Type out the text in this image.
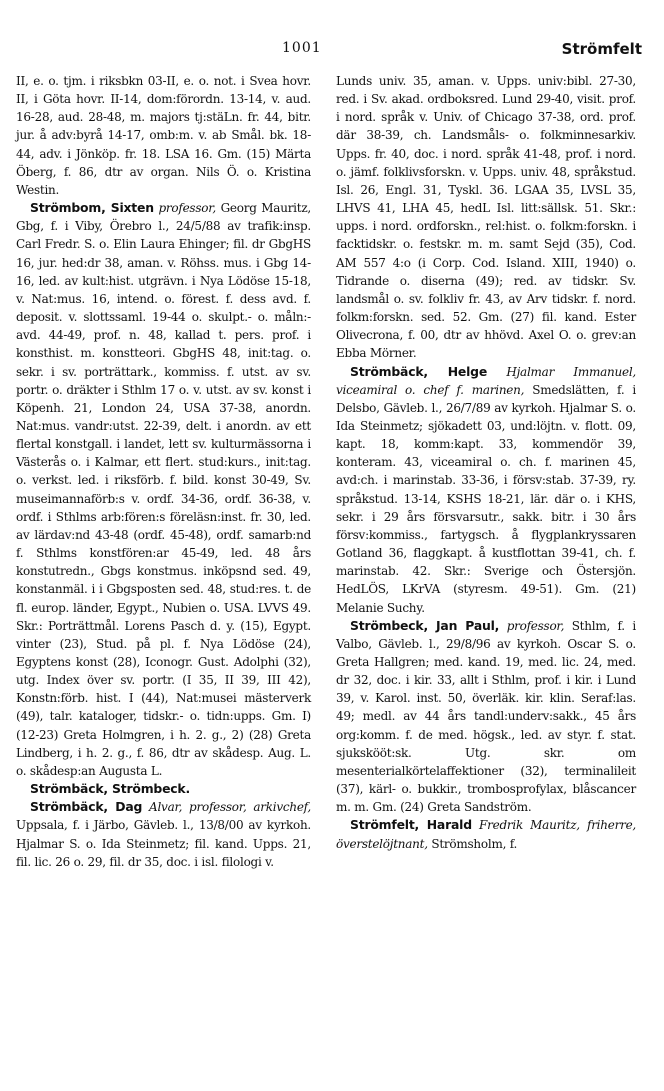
1001	Strömfelt

II, e. o. tjm. i riksbkn 03-II, e. o. not. i Svea hovr. II, i Göta hovr. II-14, dom:förordn. 13-14, v. aud. 16-28, aud. 28-48, m. majors tj:stäLn. fr. 44, bitr. jur. å adv:byrå 14-17, omb:m. v. ab Smål. bk. 18-44, adv. i Jönköp. fr. 18. LSA 16. Gm. (15) Märta Öberg, f. 86, dtr av organ. Nils Ö. o. Kristina Westin.

Strömbom, Sixten professor, Georg Mauritz, Gbg, f. i Viby, Örebro l., 24/5/88 av trafik:insp. Carl Fredr. S. o. Elin Laura Ehinger; fil. dr GbgHS 16, jur. hed:dr 38, aman. v. Röhss. mus. i Gbg 14-16, led. av kult:hist. utgrävn. i Nya Lödöse 15-18, v. Nat:mus. 16, intend. o. förest. f. dess avd. f. deposit. v. slottssaml. 19-44 o. skulpt.- o. måln:-avd. 44-49, prof. n. 48, kallad t. pers. prof. i konsthist. m. konstteori. GbgHS 48, init:tag. o. sekr. i sv. porträttark., kommiss. f. utst. av sv. portr. o. dräkter i Sthlm 17 o. v. utst. av sv. konst i Köpenh. 21, London 24, USA 37-38, anordn. Nat:mus. vandr:utst. 22-39, delt. i anordn. av ett flertal konstgall. i landet, lett sv. kulturmässorna i Västerås o. i Kalmar, ett flert. stud:kurs., init:tag. o. verkst. led. i riksförb. f. bild. konst 30-49, Sv. museimannaförb:s v. ordf. 34-36, ordf. 36-38, v. ordf. i Sthlms arb:fören:s föreläsn:inst. fr. 30, led. av lärdav:nd 43-48 (ordf. 45-48), ordf. samarb:nd f. Sthlms konstfören:ar 45-49, led. 48 års konstutredn., Gbgs konstmus. inköpsnd sed. 49, konstanmäl. i i Gbgsposten sed. 48, stud:res. t. de fl. europ. länder, Egypt., Nubien o. USA. LVVS 49. Skr.: Porträttmål. Lorens Pasch d. y. (15), Egypt. vinter (23), Stud. på pl. f. Nya Lödöse (24), Egyptens konst (28), Iconogr. Gust. Adolphi (32), utg. Index över sv. portr. (I 35, II 39, III 42), Konstn:förb. hist. I (44), Nat:musei mästerverk (49), talr. kataloger, tidskr.- o. tidn:upps. Gm. I) (12-23) Greta Holmgren, i h. 2. g., 2) (28) Greta Lindberg, i h. 2. g., f. 86, dtr av skådesp. Aug. L. o. skådesp:an Augusta L.

Strömbäck, Strömbeck.

Strömbäck, Dag Alvar, professor, arkivchef, Uppsala, f. i Järbo, Gävleb. l., 13/8/00 av kyrkoh. Hjalmar S. o. Ida Steinmetz; fil. kand. Upps. 21, fil. lic. 26 o. 29, fil. dr 35, doc. i isl. filologi v.

Lunds univ. 35, aman. v. Upps. univ:bibl. 27-30, red. i Sv. akad. ordboksred. Lund 29-40, visit. prof. i nord. språk v. Univ. of Chicago 37-38, ord. prof. där 38-39, ch. Landsmåls- o. folkminnesarkiv. Upps. fr. 40, doc. i nord. språk 41-48, prof. i nord. o. jämf. folklivsforskn. v. Upps. univ. 48, språkstud. Isl. 26, Engl. 31, Tyskl. 36. LGAA 35, LVSL 35, LHVS 41, LHA 45, hedL Isl. litt:sällsk. 51. Skr.: upps. i nord. ordforskn., rel:hist. o. folkm:forskn. i facktidskr. o. festskr. m. m. samt Sejd (35), Cod. AM 557 4:o (i Corp. Cod. Island. XIII, 1940) o. Tidrande o. diserna (49); red. av tidskr. Sv. landsmål o. sv. folkliv fr. 43, av Arv tidskr. f. nord. folkm:forskn. sed. 52. Gm. (27) fil. kand. Ester Olivecrona, f. 00, dtr av hhövd. Axel O. o. grev:an Ebba Mörner.

Strömbäck, Helge Hjalmar Immanuel, viceamiral o. chef f. marinen, Smedslätten, f. i Delsbo, Gävleb. l., 26/7/89 av kyrkoh. Hjalmar S. o. Ida Steinmetz; sjökadett 03, und:löjtn. v. flott. 09, kapt. 18, komm:kapt. 33, kommendör 39, konteram. 43, viceamiral o. ch. f. marinen 45, avd:ch. i marinstab. 33-36, i försv:stab. 37-39, ry. språkstud. 13-14, KSHS 18-21, lär. där o. i KHS, sekr. i 29 års försvarsutr., sakk. bitr. i 30 års försv:kommiss., fartygsch. å flygplankryssaren Gotland 36, flaggkapt. å kustflottan 39-41, ch. f. marinstab. 42. Skr.: Sverige och Östersjön. HedLÖS, LKrVA (styresm. 49-51). Gm. (21) Melanie Suchy.

Strömbeck, Jan Paul, professor, Sthlm, f. i Valbo, Gävleb. l., 29/8/96 av kyrkoh. Oscar S. o. Greta Hallgren; med. kand. 19, med. lic. 24, med. dr 32, doc. i kir. 33, allt i Sthlm, prof. i kir. i Lund 39, v. Karol. inst. 50, överläk. kir. klin. Seraf:las. 49; medl. av 44 års tandl:underv:sakk., 45 års org:komm. f. de med. högsk., led. av styr. f. stat. sjukskööt:sk. Utg. skr. om mesenterialkörtelaffektioner (32), terminalileit (37), kärl- o. bukkir., trombosprofylax, blåscancer m. m. Gm. (24) Greta Sandström.

Strömfelt, Harald Fredrik Mauritz, friherre, överstelöjtnant, Strömsholm, f.
